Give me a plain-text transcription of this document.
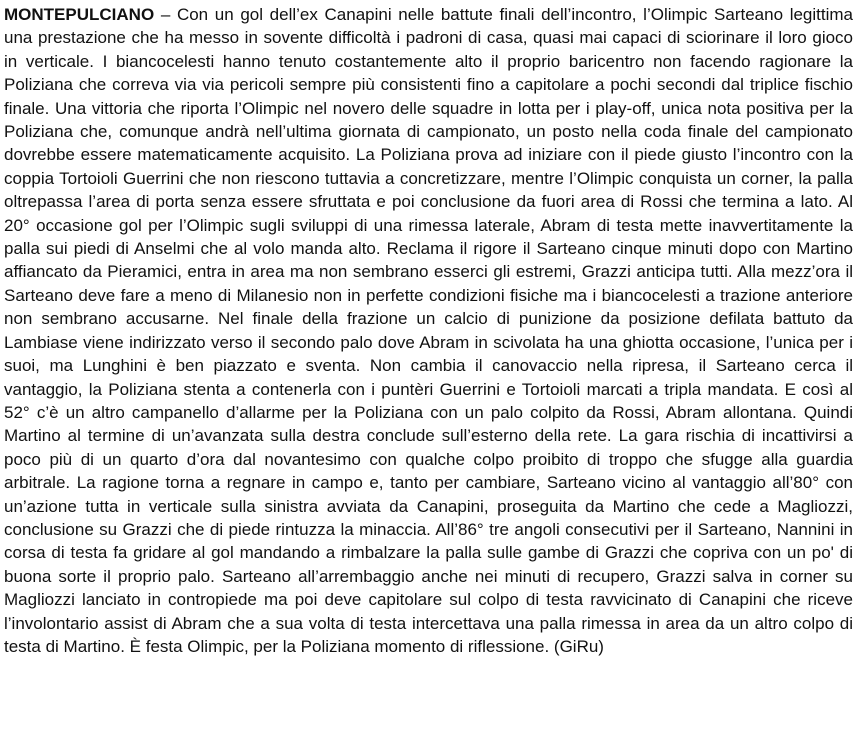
MONTEPULCIANO – Con un gol dell’ex Canapini nelle battute finali dell’incontro, l’Olimpic Sarteano legittima una prestazione che ha messo in sovente difficoltà i padroni di casa, quasi mai capaci di sciorinare il loro gioco in verticale. I biancocelesti hanno tenuto costantemente alto il proprio baricentro non facendo ragionare la Poliziana che correva via via pericoli sempre più consistenti fino a capitolare a pochi secondi dal triplice fischio finale. Una vittoria che riporta l’Olimpic nel novero delle squadre in lotta per i play-off, unica nota positiva per la Poliziana che, comunque andrà nell’ultima giornata di campionato, un posto nella coda finale del campionato dovrebbe essere matematicamente acquisito. La Poliziana prova ad iniziare con il piede giusto l’incontro con la coppia Tortoioli Guerrini che non riescono tuttavia a concretizzare, mentre l’Olimpic conquista un corner, la palla oltrepassa l’area di porta senza essere sfruttata e poi conclusione da fuori area di Rossi che termina a lato. Al 20° occasione gol per l’Olimpic sugli sviluppi di una rimessa laterale, Abram di testa mette inavvertitamente la palla sui piedi di Anselmi che al volo manda alto. Reclama il rigore il Sarteano cinque minuti dopo con Martino affiancato da Pieramici, entra in area ma non sembrano esserci gli estremi, Grazzi anticipa tutti. Alla mezz’ora il Sarteano deve fare a meno di Milanesio non in perfette condizioni fisiche ma i biancocelesti a trazione anteriore non sembrano accusarne. Nel finale della frazione un calcio di punizione da posizione defilata battuto da Lambiase viene indirizzato verso il secondo palo dove Abram in scivolata ha una ghiotta occasione, l’unica per i suoi, ma Lunghini è ben piazzato e sventa. Non cambia il canovaccio nella ripresa, il Sarteano cerca il vantaggio, la Poliziana stenta a contenerla con i puntèri Guerrini e Tortoioli marcati a tripla mandata. E così al 52° c’è un altro campanello d’allarme per la Poliziana con un palo colpito da Rossi, Abram allontana. Quindi Martino al termine di un’avanzata sulla destra conclude sull’esterno della rete. La gara rischia di incattivirsi a poco più di un quarto d’ora dal novantesimo con qualche colpo proibito di troppo che sfugge alla guardia arbitrale. La ragione torna a regnare in campo e, tanto per cambiare, Sarteano vicino al vantaggio all’80° con un’azione tutta in verticale sulla sinistra avviata da Canapini, proseguita da Martino che cede a Magliozzi, conclusione su Grazzi che di piede rintuzza la minaccia. All’86° tre angoli consecutivi per il Sarteano, Nannini in corsa di testa fa gridare al gol mandando a rimbalzare la palla sulle gambe di Grazzi che copriva con un po' di buona sorte il proprio palo. Sarteano all’arrembaggio anche nei minuti di recupero, Grazzi salva in corner su Magliozzi lanciato in contropiede ma poi deve capitolare sul colpo di testa ravvicinato di Canapini che riceve l’involontario assist di Abram che a sua volta di testa intercettava una palla rimessa in area da un altro colpo di testa di Martino. È festa Olimpic, per la Poliziana momento di riflessione. (GiRu)
